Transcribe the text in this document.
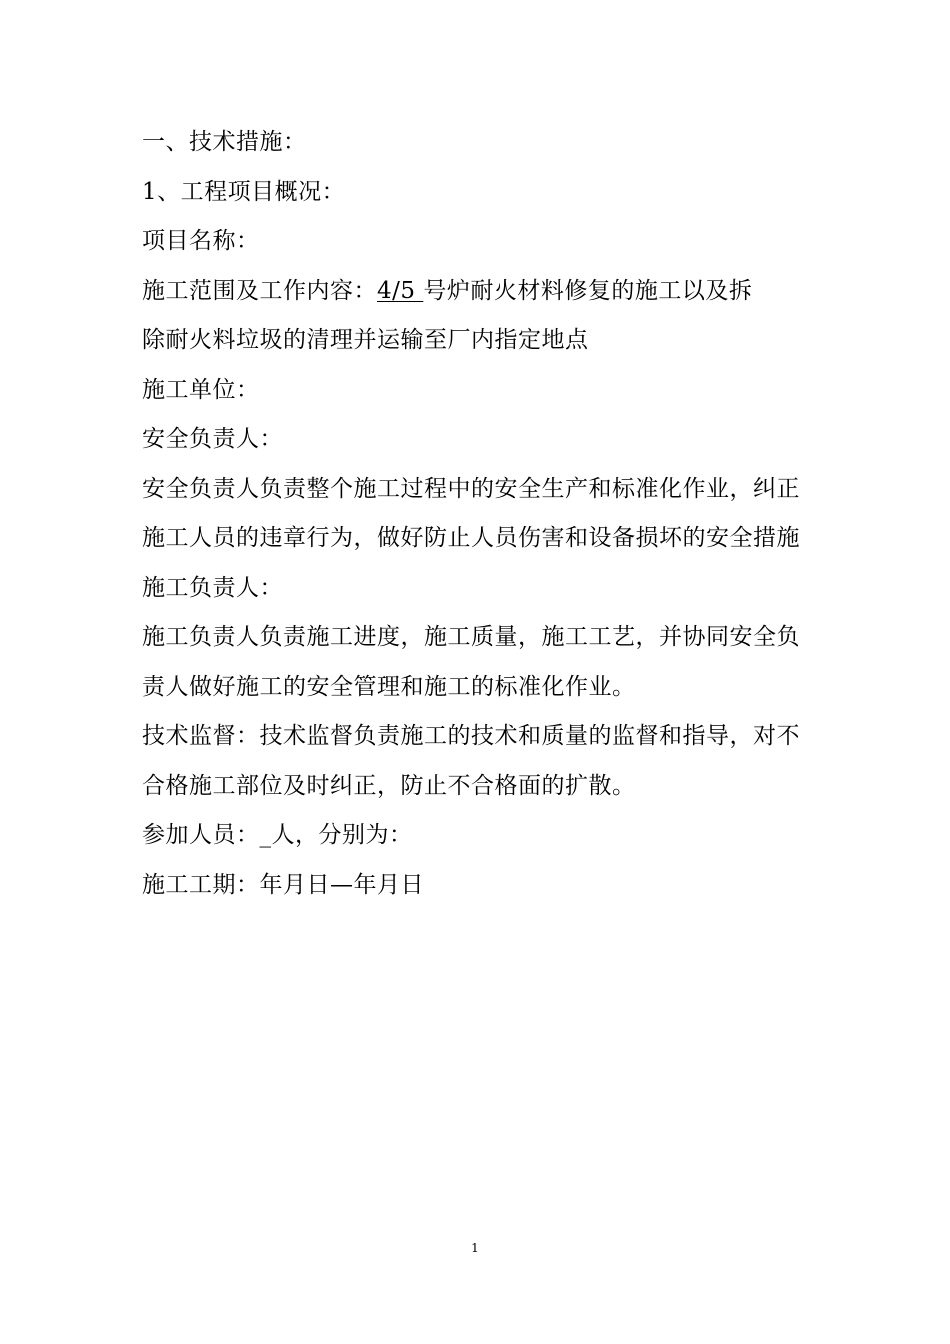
一、技术措施：
1、工程项目概况：
项目名称：
施工范围及工作内容：4/5 号炉耐火材料修复的施工以及拆
除耐火料垃圾的清理并运输至厂内指定地点
施工单位：
安全负责人：
安全负责人负责整个施工过程中的安全生产和标准化作业，纠正
施工人员的违章行为，做好防止人员伤害和设备损坏的安全措施
施工负责人：
施工负责人负责施工进度，施工质量，施工工艺，并协同安全负
责人做好施工的安全管理和施工的标准化作业。
技术监督：技术监督负责施工的技术和质量的监督和指导，对不
合格施工部位及时纠正，防止不合格面的扩散。
参加人员：_人，分别为：
施工工期：年月日—年月日
1
